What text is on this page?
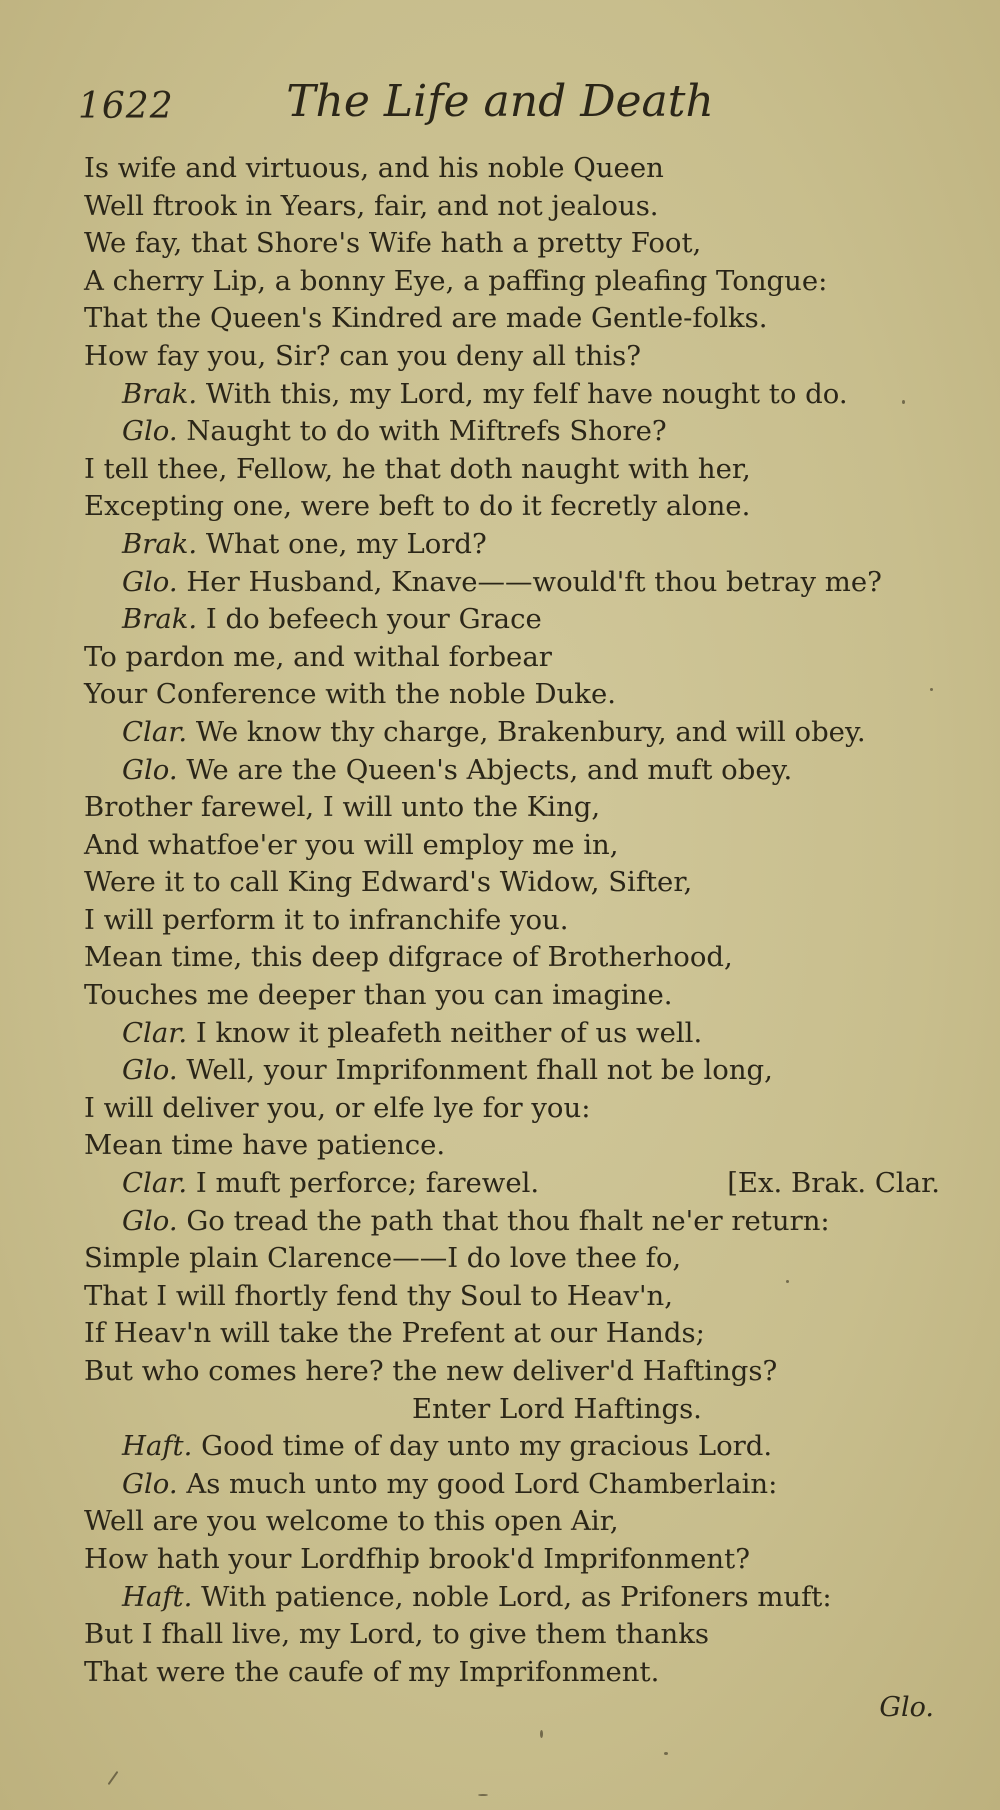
1622	The Life and Death
Is wife and virtuous, and his noble Queen
Well ftrook in Years, fair, and not jealous.
We fay, that Shore's Wife hath a pretty Foot,
A cherry Lip, a bonny Eye, a paffing pleafing Tongue:
That the Queen's Kindred are made Gentle-folks.
How fay you, Sir? can you deny all this?
Brak. With this, my Lord, my felf have nought to do.
Glo. Naught to do with Miftrefs Shore?
I tell thee, Fellow, he that doth naught with her,
Excepting one, were beft to do it fecretly alone.
Brak. What one, my Lord?
Glo. Her Husband, Knave——would'ft thou betray me?
Brak. I do befeech your Grace
To pardon me, and withal forbear
Your Conference with the noble Duke.
Clar. We know thy charge, Brakenbury, and will obey.
Glo. We are the Queen's Abjects, and muft obey.
Brother farewel, I will unto the King,
And whatfoe'er you will employ me in,
Were it to call King Edward's Widow, Sifter,
I will perform it to infranchife you.
Mean time, this deep difgrace of Brotherhood,
Touches me deeper than you can imagine.
Clar. I know it pleafeth neither of us well.
Glo. Well, your Imprifonment fhall not be long,
I will deliver you, or elfe lye for you:
Mean time have patience.
Clar. I muft perforce; farewel.	[Ex. Brak. Clar.
Glo. Go tread the path that thou fhalt ne'er return:
Simple plain Clarence——I do love thee fo,
That I will fhortly fend thy Soul to Heav'n,
If Heav'n will take the Prefent at our Hands;
But who comes here? the new deliver'd Haftings?
Enter Lord Haftings.
Haft. Good time of day unto my gracious Lord.
Glo. As much unto my good Lord Chamberlain:
Well are you welcome to this open Air,
How hath your Lordfhip brook'd Imprifonment?
Haft. With patience, noble Lord, as Prifoners muft:
But I fhall live, my Lord, to give them thanks
That were the caufe of my Imprifonment.
Glo.
